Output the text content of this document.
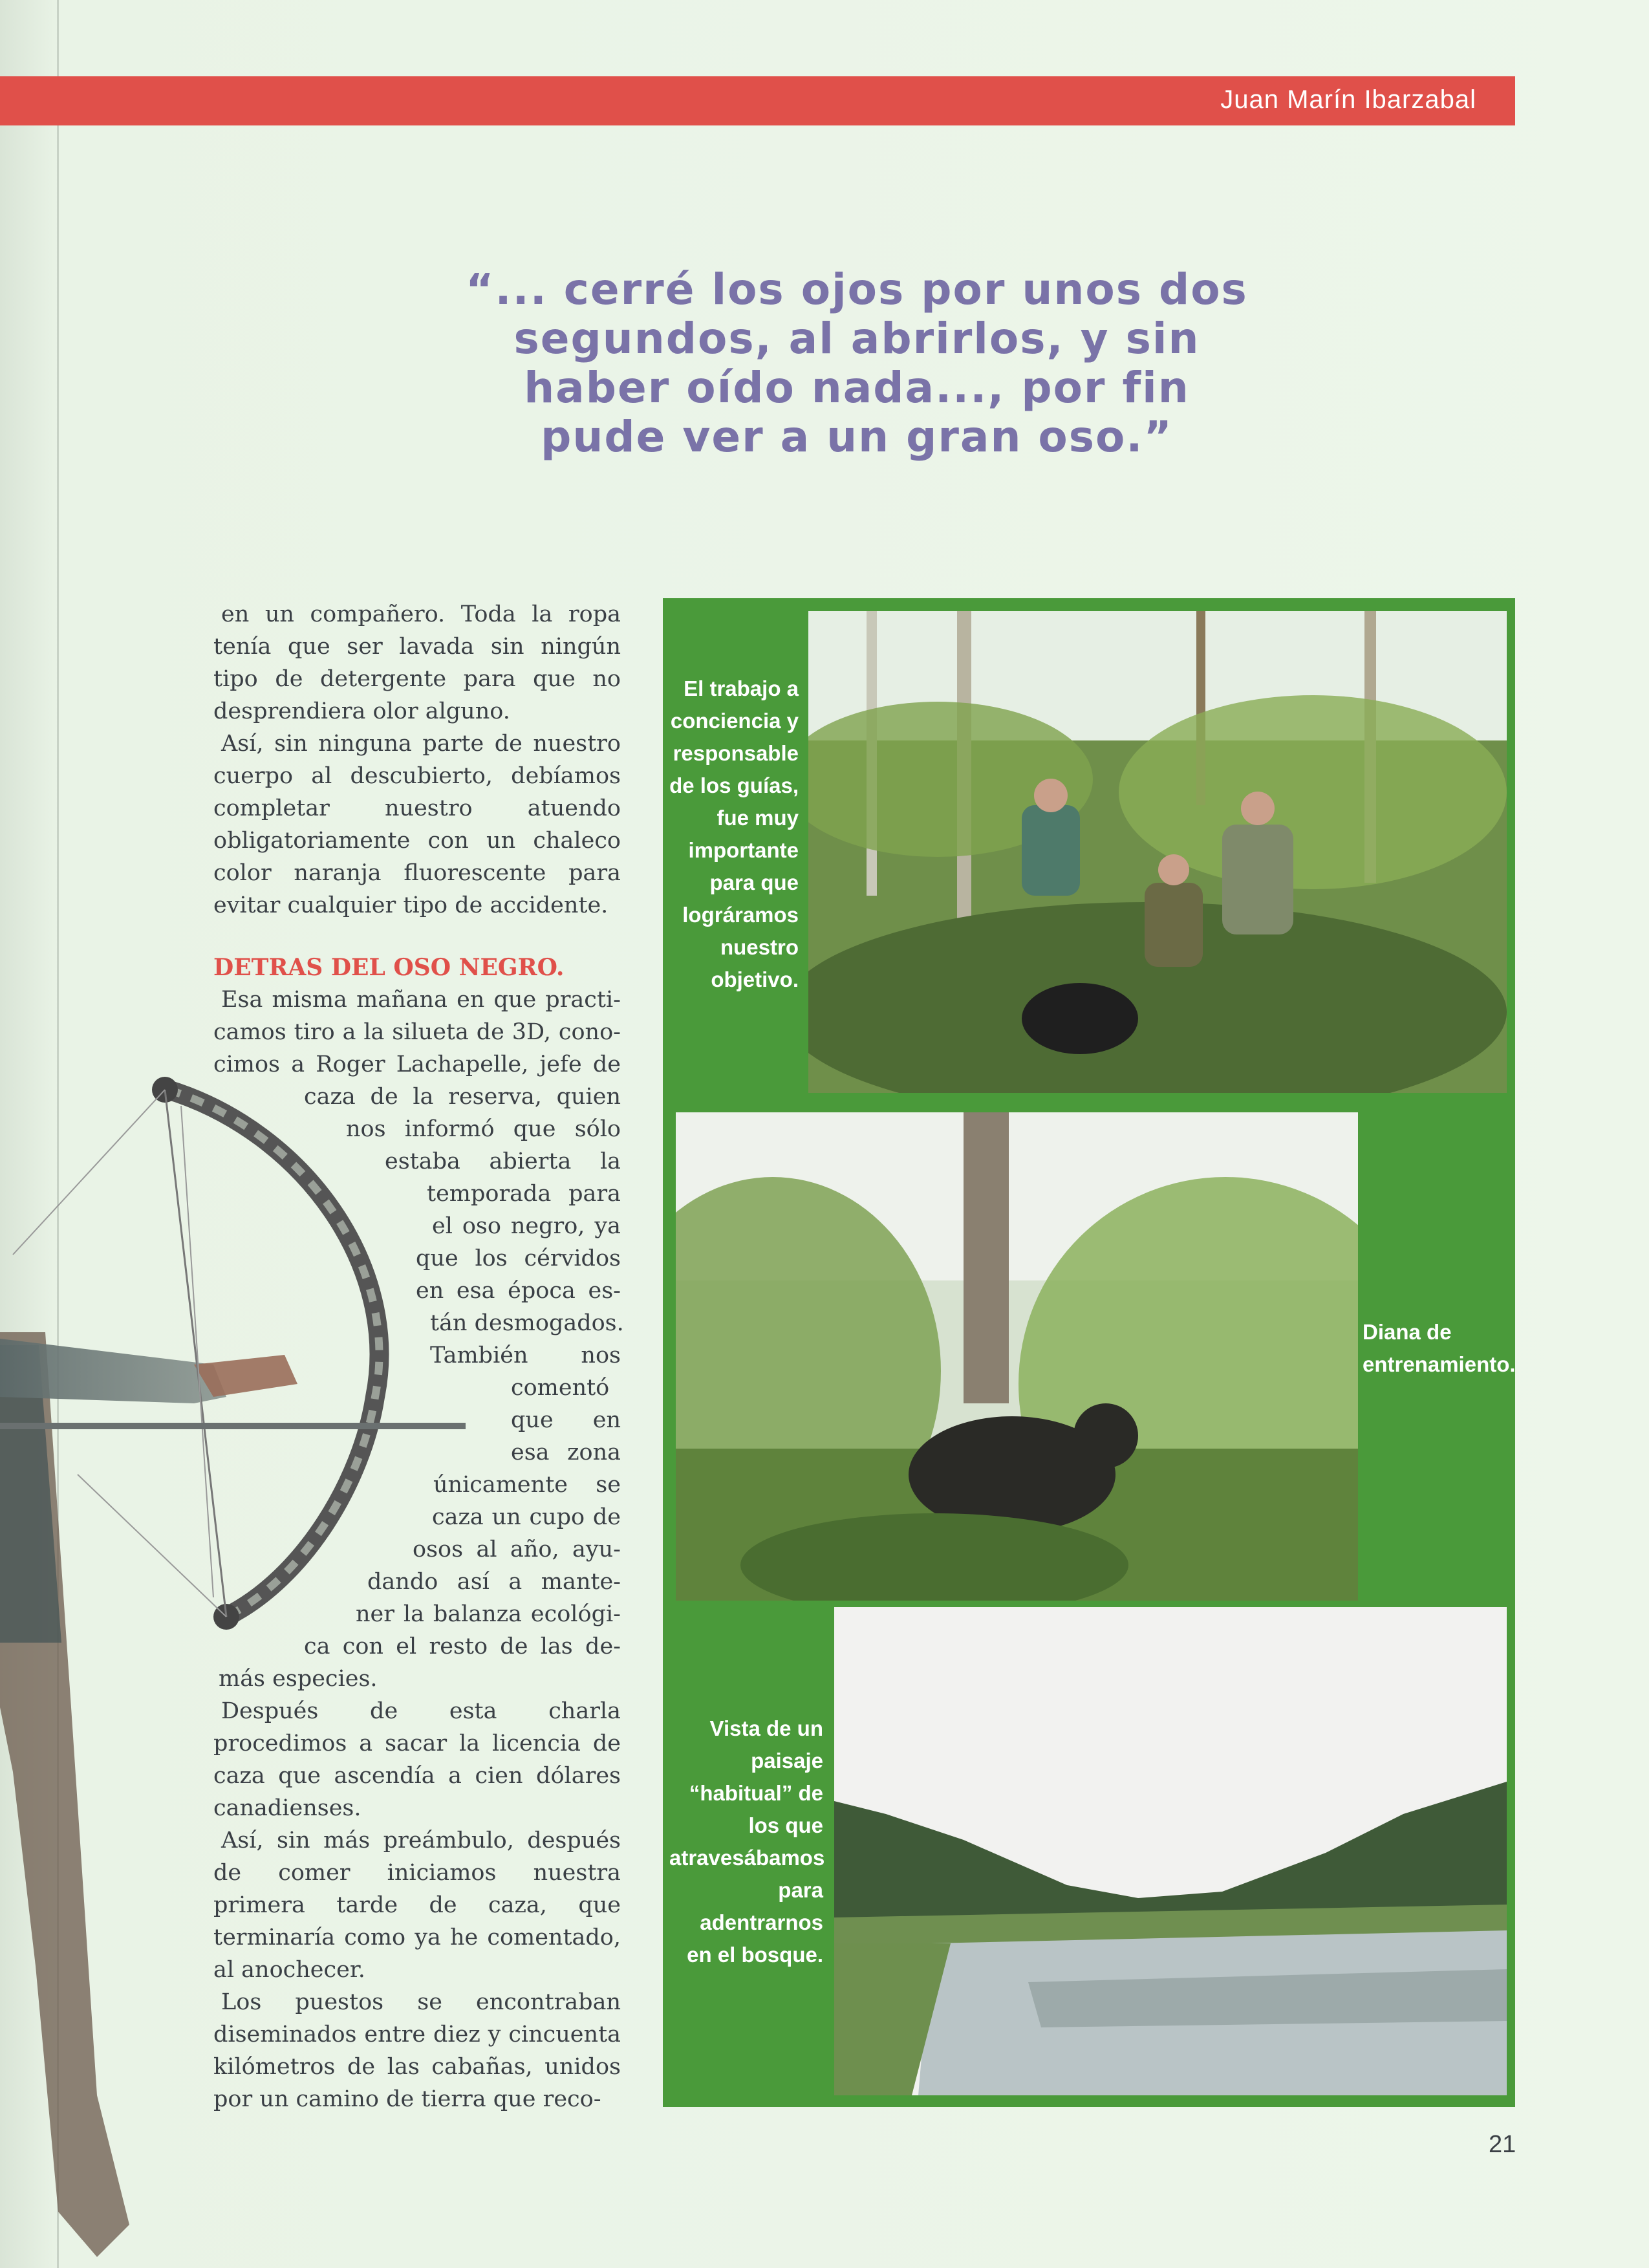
Juan Marín Ibarzabal
“... cerré los ojos por unos dos segundos, al abrirlos, y sin haber oído nada..., por fin pude ver a un gran oso.”

en un compañero. Toda la ropa tenía que ser lavada sin ningún tipo de detergente para que no desprendiera olor alguno.

Así, sin ninguna parte de nuestro cuerpo al descubierto, debíamos completar nuestro atuendo obligatoriamente con un chaleco color naranja fluorescente para evitar cualquier tipo de accidente.

DETRAS DEL OSO NEGRO.

Esa misma mañana en que practi-
camos tiro a la silueta de 3D, cono-
cimos a Roger Lachapelle, jefe de
caza de la reserva, quien
nos informó que sólo
estaba abierta la
temporada para
el oso negro, ya
que los cérvidos
en esa época es-
tán desmogados.
También nos
comentó
que en
esa zona
únicamente se
caza un cupo de
osos al año, ayu-
dando así a mante-
ner la balanza ecológi-
ca con el resto de las de-
más especies.

Después de esta charla procedimos a sacar la licencia de caza que ascendía a cien dólares canadienses.

Así, sin más preámbulo, después de comer iniciamos nuestra primera tarde de caza, que terminaría como ya he comentado, al anochecer.

Los puestos se encontraban diseminados entre diez y cincuenta kilómetros de las cabañas, unidos por un camino de tierra que reco-

El trabajo a conciencia y responsable de los guías, fue muy importante para que lográramos nuestro objetivo.
Diana de entrenamiento.
Vista de un paisaje “habitual” de los que atravesábamos para adentrarnos en el bosque.
21
